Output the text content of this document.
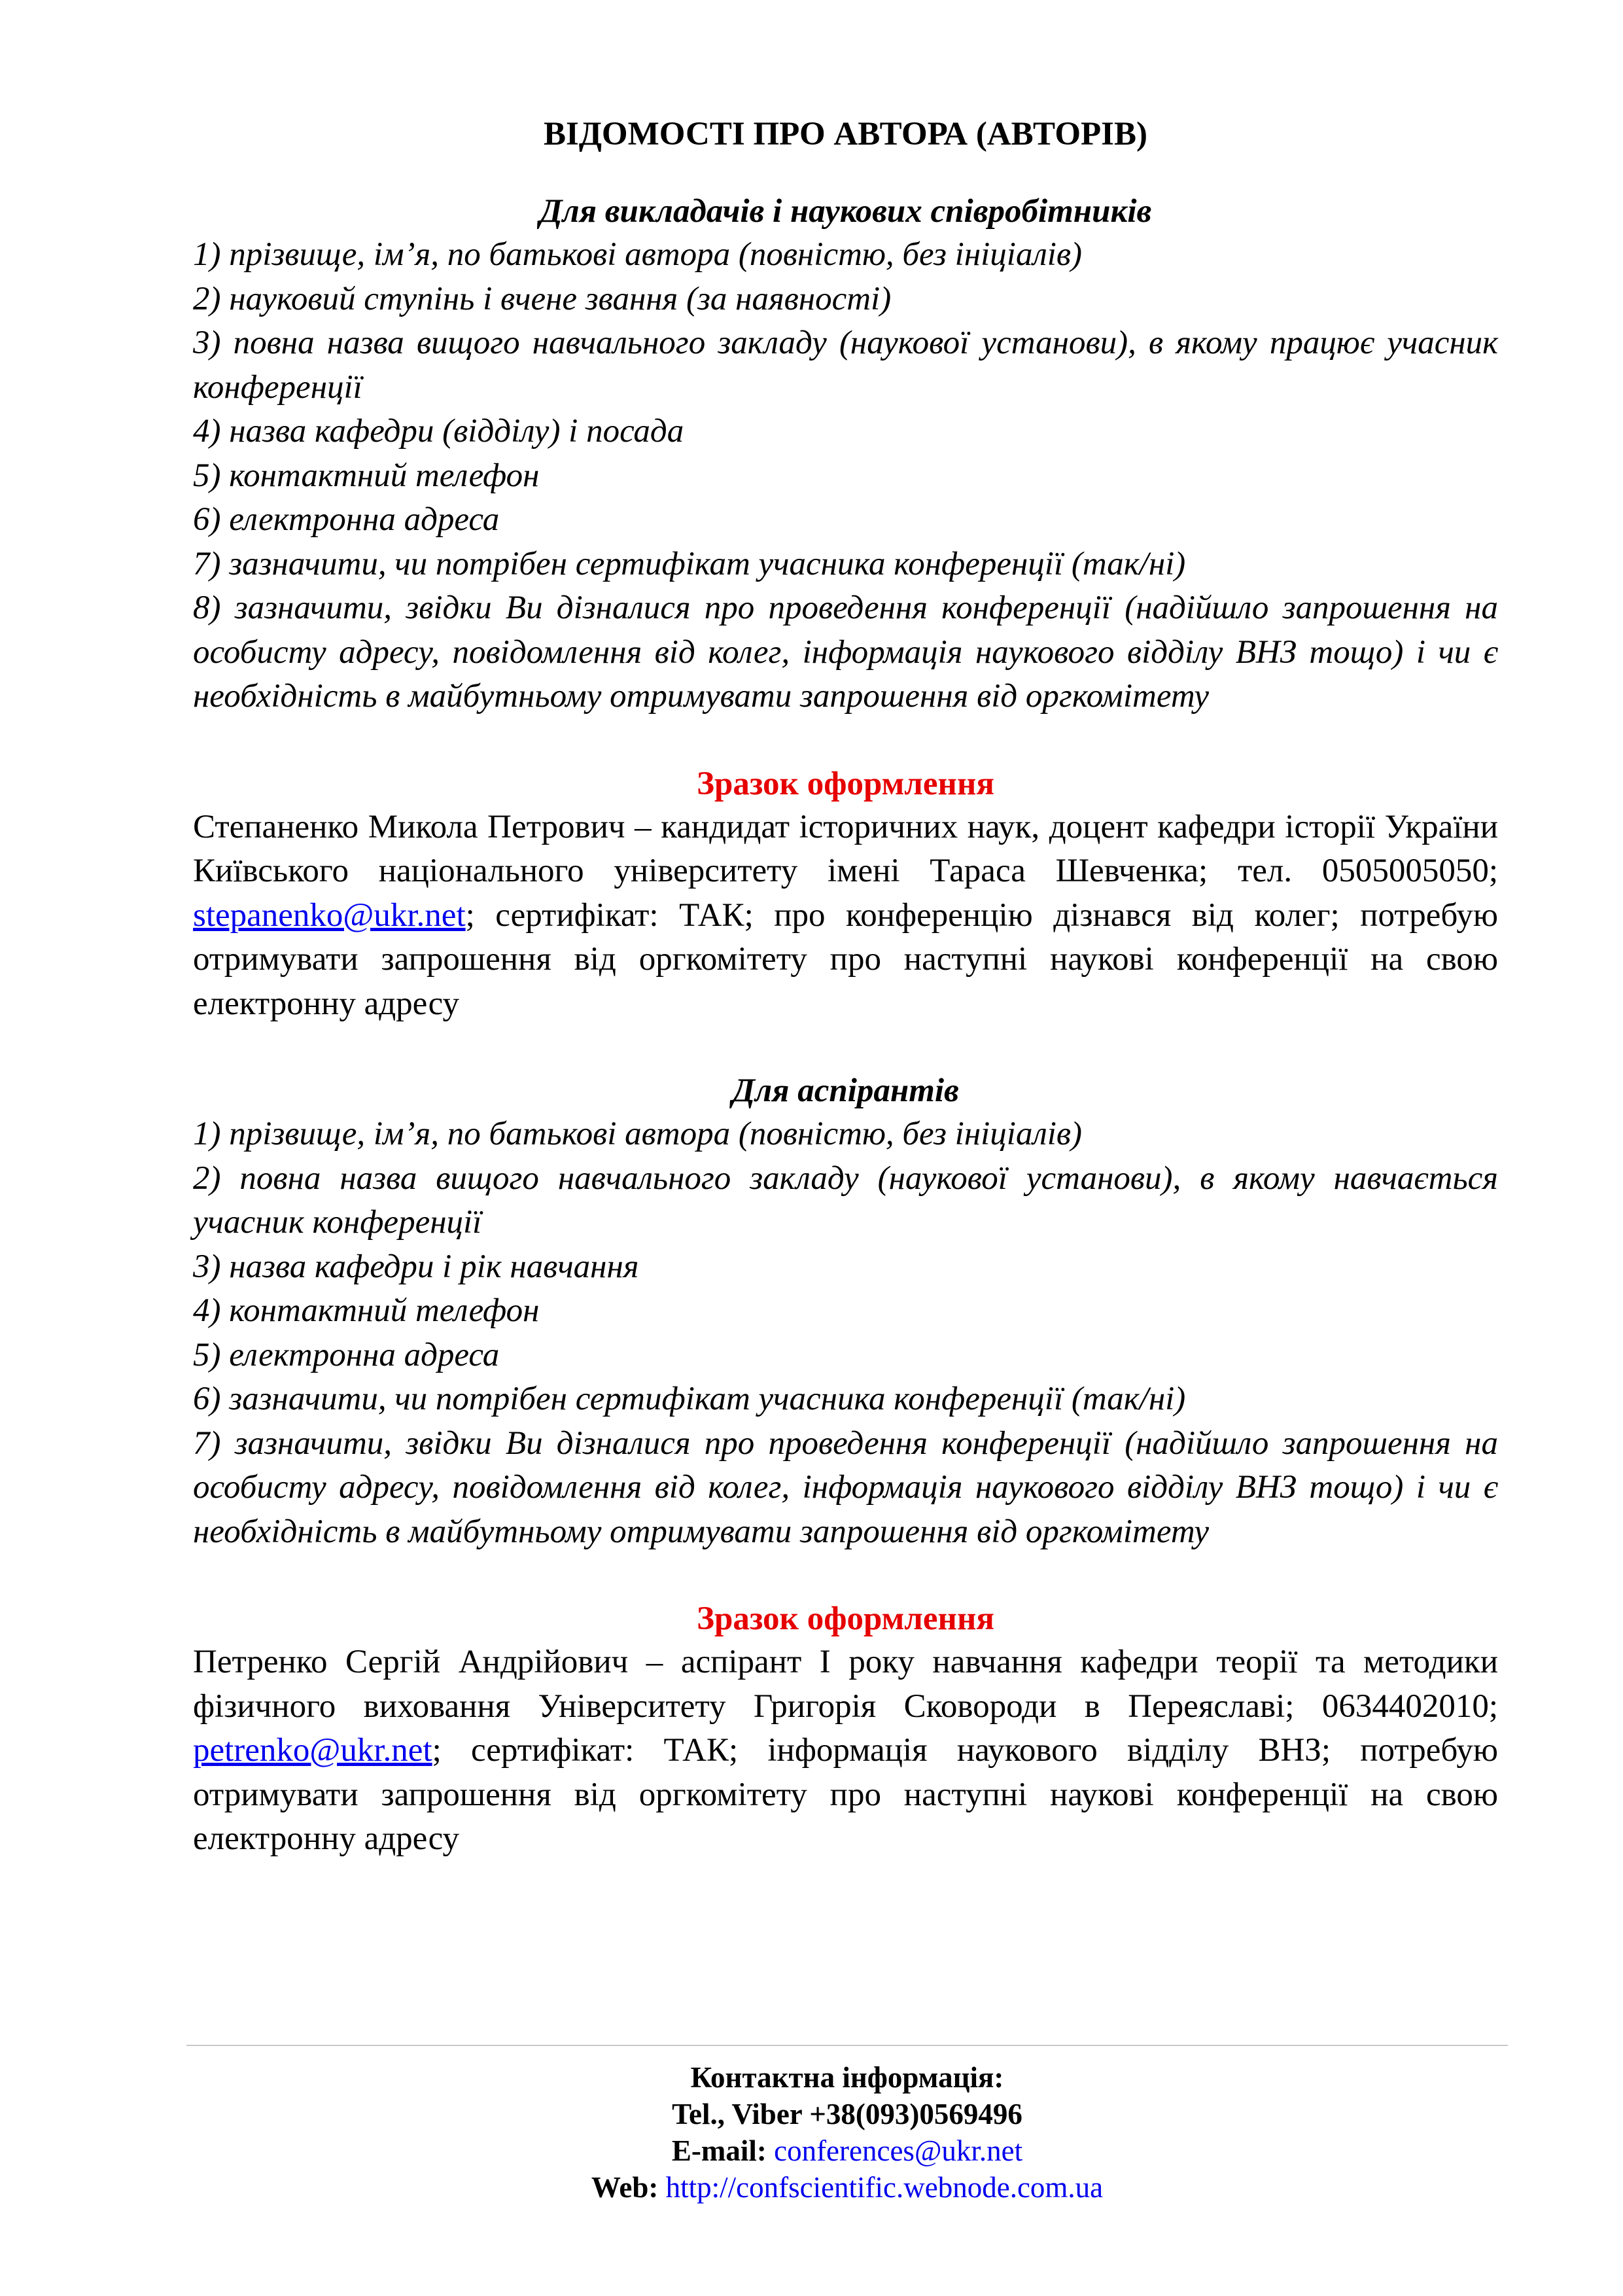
ВІДОМОСТІ ПРО АВТОРА (АВТОРІВ)
Для викладачів і наукових співробітників
1) прізвище, ім’я, по батькові автора (повністю, без ініціалів)
2) науковий ступінь і вчене звання (за наявності)
3) повна назва вищого навчального закладу (наукової установи), в якому працює учасник конференції
4) назва кафедри (відділу) і посада
5) контактний телефон
6) електронна адреса
7) зазначити, чи потрібен сертифікат учасника конференції (так/ні)
8) зазначити, звідки Ви дізналися про проведення конференції (надійшло запрошення на особисту адресу, повідомлення від колег, інформація наукового відділу ВНЗ тощо) і чи є необхідність в майбутньому отримувати запрошення від оргкомітету
Зразок оформлення
Степаненко Микола Петрович – кандидат історичних наук, доцент кафедри історії України Київського національного університету імені Тараса Шевченка; тел. 0505005050; stepanenko@ukr.net; сертифікат: ТАК; про конференцію дізнався від колег; потребую отримувати запрошення від оргкомітету про наступні наукові конференції на свою електронну адресу
Для аспірантів
1) прізвище, ім’я, по батькові автора (повністю, без ініціалів)
2) повна назва вищого навчального закладу (наукової установи), в якому навчається учасник конференції
3) назва кафедри і рік навчання
4) контактний телефон
5) електронна адреса
6) зазначити, чи потрібен сертифікат учасника конференції (так/ні)
7) зазначити, звідки Ви дізналися про проведення конференції (надійшло запрошення на особисту адресу, повідомлення від колег, інформація наукового відділу ВНЗ тощо) і чи є необхідність в майбутньому отримувати запрошення від оргкомітету
Зразок оформлення
Петренко Сергій Андрійович – аспірант І року навчання кафедри теорії та методики фізичного виховання Університету Григорія Сковороди в Переяславі; 0634402010; petrenko@ukr.net; сертифікат: ТАК; інформація наукового відділу ВНЗ; потребую отримувати запрошення від оргкомітету про наступні наукові конференції на свою електронну адресу
Контактна інформація:
Tel., Viber +38(093)0569496
E-mail: conferences@ukr.net
Web: http://confscientific.webnode.com.ua
